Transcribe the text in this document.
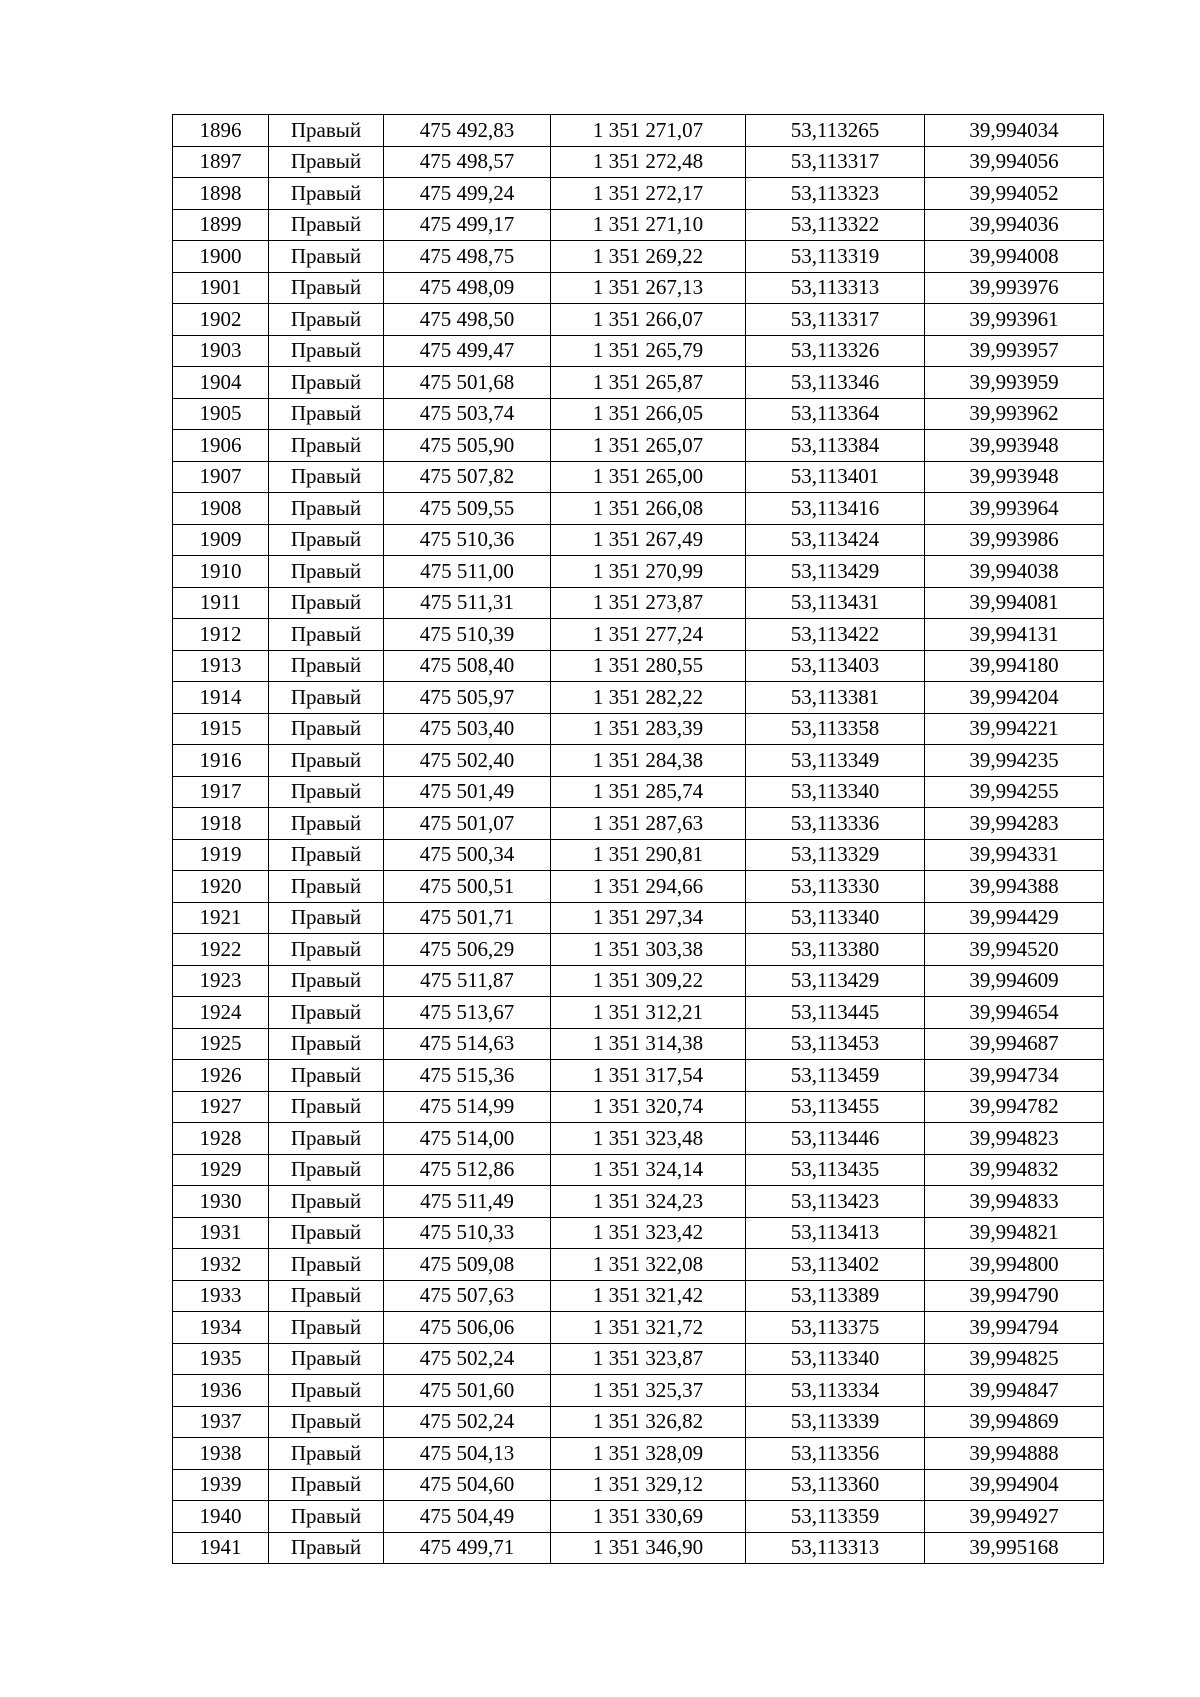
1896	Правый	475 492,83	1 351 271,07	53,113265	39,994034
1897	Правый	475 498,57	1 351 272,48	53,113317	39,994056
1898	Правый	475 499,24	1 351 272,17	53,113323	39,994052
1899	Правый	475 499,17	1 351 271,10	53,113322	39,994036
1900	Правый	475 498,75	1 351 269,22	53,113319	39,994008
1901	Правый	475 498,09	1 351 267,13	53,113313	39,993976
1902	Правый	475 498,50	1 351 266,07	53,113317	39,993961
1903	Правый	475 499,47	1 351 265,79	53,113326	39,993957
1904	Правый	475 501,68	1 351 265,87	53,113346	39,993959
1905	Правый	475 503,74	1 351 266,05	53,113364	39,993962
1906	Правый	475 505,90	1 351 265,07	53,113384	39,993948
1907	Правый	475 507,82	1 351 265,00	53,113401	39,993948
1908	Правый	475 509,55	1 351 266,08	53,113416	39,993964
1909	Правый	475 510,36	1 351 267,49	53,113424	39,993986
1910	Правый	475 511,00	1 351 270,99	53,113429	39,994038
1911	Правый	475 511,31	1 351 273,87	53,113431	39,994081
1912	Правый	475 510,39	1 351 277,24	53,113422	39,994131
1913	Правый	475 508,40	1 351 280,55	53,113403	39,994180
1914	Правый	475 505,97	1 351 282,22	53,113381	39,994204
1915	Правый	475 503,40	1 351 283,39	53,113358	39,994221
1916	Правый	475 502,40	1 351 284,38	53,113349	39,994235
1917	Правый	475 501,49	1 351 285,74	53,113340	39,994255
1918	Правый	475 501,07	1 351 287,63	53,113336	39,994283
1919	Правый	475 500,34	1 351 290,81	53,113329	39,994331
1920	Правый	475 500,51	1 351 294,66	53,113330	39,994388
1921	Правый	475 501,71	1 351 297,34	53,113340	39,994429
1922	Правый	475 506,29	1 351 303,38	53,113380	39,994520
1923	Правый	475 511,87	1 351 309,22	53,113429	39,994609
1924	Правый	475 513,67	1 351 312,21	53,113445	39,994654
1925	Правый	475 514,63	1 351 314,38	53,113453	39,994687
1926	Правый	475 515,36	1 351 317,54	53,113459	39,994734
1927	Правый	475 514,99	1 351 320,74	53,113455	39,994782
1928	Правый	475 514,00	1 351 323,48	53,113446	39,994823
1929	Правый	475 512,86	1 351 324,14	53,113435	39,994832
1930	Правый	475 511,49	1 351 324,23	53,113423	39,994833
1931	Правый	475 510,33	1 351 323,42	53,113413	39,994821
1932	Правый	475 509,08	1 351 322,08	53,113402	39,994800
1933	Правый	475 507,63	1 351 321,42	53,113389	39,994790
1934	Правый	475 506,06	1 351 321,72	53,113375	39,994794
1935	Правый	475 502,24	1 351 323,87	53,113340	39,994825
1936	Правый	475 501,60	1 351 325,37	53,113334	39,994847
1937	Правый	475 502,24	1 351 326,82	53,113339	39,994869
1938	Правый	475 504,13	1 351 328,09	53,113356	39,994888
1939	Правый	475 504,60	1 351 329,12	53,113360	39,994904
1940	Правый	475 504,49	1 351 330,69	53,113359	39,994927
1941	Правый	475 499,71	1 351 346,90	53,113313	39,995168
